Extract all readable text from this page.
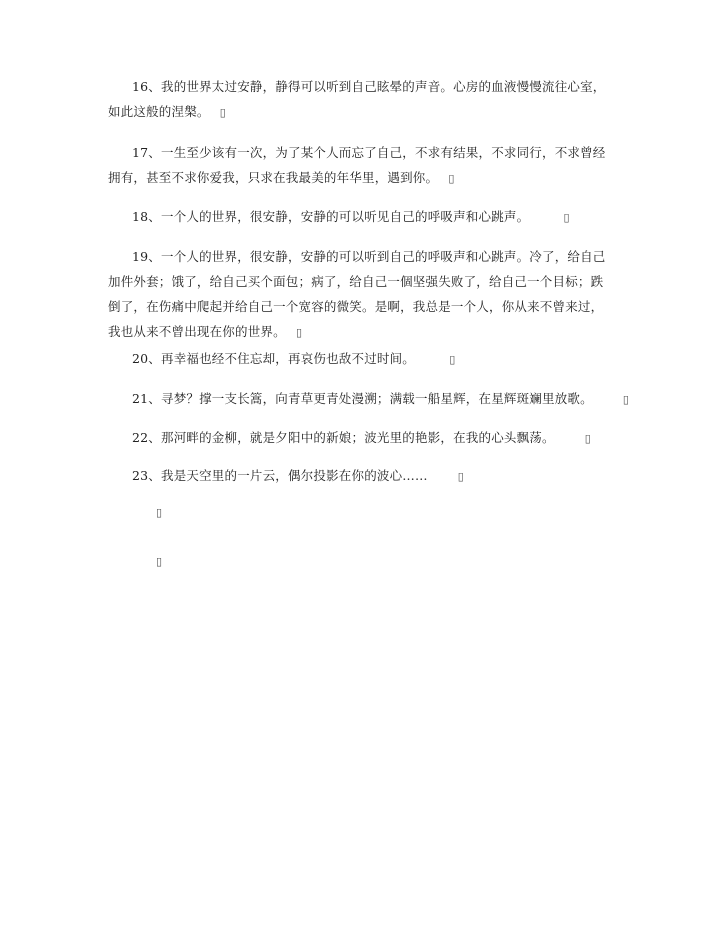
16、我的世界太过安静，静得可以听到自己眩晕的声音。心房的血液慢慢流往心室，
如此这般的涅槃。 ▯

17、一生至少该有一次，为了某个人而忘了自己，不求有结果，不求同行，不求曾经
拥有，甚至不求你爱我，只求在我最美的年华里，遇到你。 ▯

18、一个人的世界，很安静，安静的可以听见自己的呼吸声和心跳声。	▯

19、一个人的世界，很安静，安静的可以听到自己的呼吸声和心跳声。冷了，给自己
加件外套；饿了，给自己买个面包；病了，给自己一個坚强失败了，给自己一个目标；跌
倒了，在伤痛中爬起并给自己一个宽容的微笑。是啊，我总是一个人，你从来不曾来过，
我也从来不曾出现在你的世界。 ▯

20、再幸福也经不住忘却，再哀伤也敌不过时间。	▯

21、寻梦？撑一支长篙，向青草更青处漫溯；满载一船星辉，在星辉斑斓里放歌。	▯

22、那河畔的金柳，就是夕阳中的新娘；波光里的艳影，在我的心头飘荡。	▯

23、我是天空里的一片云，偶尔投影在你的波心……	▯

▯

▯
